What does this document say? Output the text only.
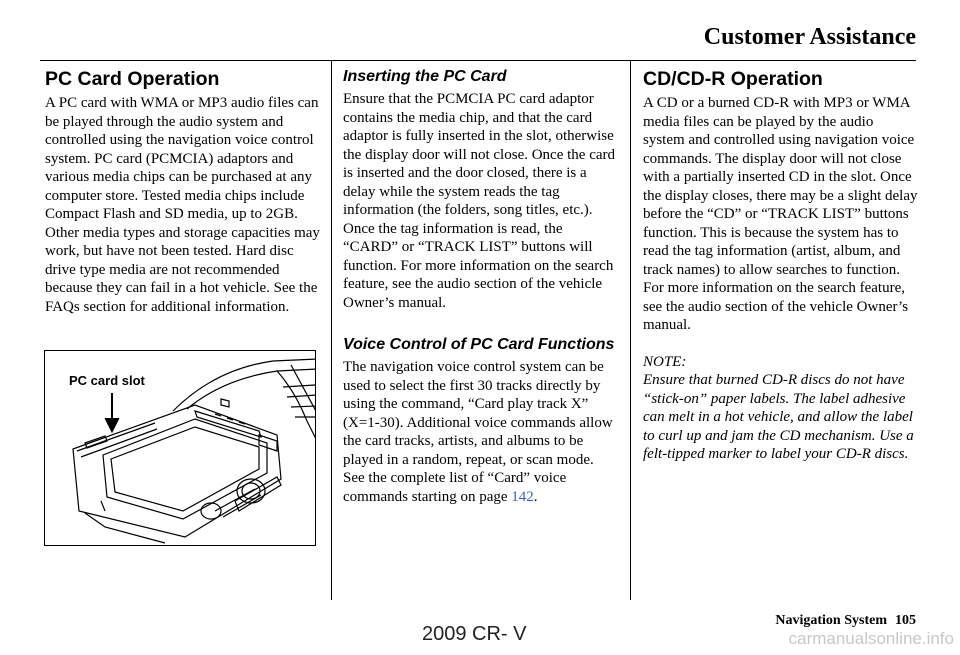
Customer Assistance
PC Card Operation

A PC card with WMA or MP3 audio files can be played through the audio system and controlled using the navigation voice control system. PC card (PCMCIA) adaptors and various media chips can be purchased at any computer store. Tested media chips include Compact Flash and SD media, up to 2GB. Other media types and storage capacities may work, but have not been tested. Hard disc drive type media are not recommended because they can fail in a hot vehicle. See the FAQs section for additional information.

PC card slot
Inserting the PC Card

Ensure that the PCMCIA PC card adaptor contains the media chip, and that the card adaptor is fully inserted in the slot, otherwise the display door will not close. Once the card is inserted and the door closed, there is a delay while the system reads the tag information (the folders, song titles, etc.). Once the tag information is read, the “CARD” or “TRACK LIST” buttons will function. For more information on the search feature, see the audio section of the vehicle Owner’s manual.

Voice Control of PC Card Functions

The navigation voice control system can be used to select the first 30 tracks directly by using the command, “Card play track X” (X=1-30). Additional voice commands allow the card tracks, artists, and albums to be played in a random, repeat, or scan mode. See the complete list of “Card” voice commands starting on page 142.

CD/CD-R Operation

A CD or a burned CD-R with MP3 or WMA media files can be played by the audio system and controlled using navigation voice commands. The display door will not close with a partially inserted CD in the slot. Once the display closes, there may be a slight delay before the “CD” or “TRACK LIST” buttons function. This is because the system has to read the tag information (artist, album, and track names) to allow searches to function. For more information on the search feature, see the audio section of the vehicle Owner’s manual.

NOTE:

Ensure that burned CD-R discs do not have “stick-on” paper labels. The label adhesive can melt in a hot vehicle, and allow the label to curl up and jam the CD mechanism. Use a felt-tipped marker to label your CD-R discs.

Navigation System 105
2009 CR- V	carmanualsonline.info
